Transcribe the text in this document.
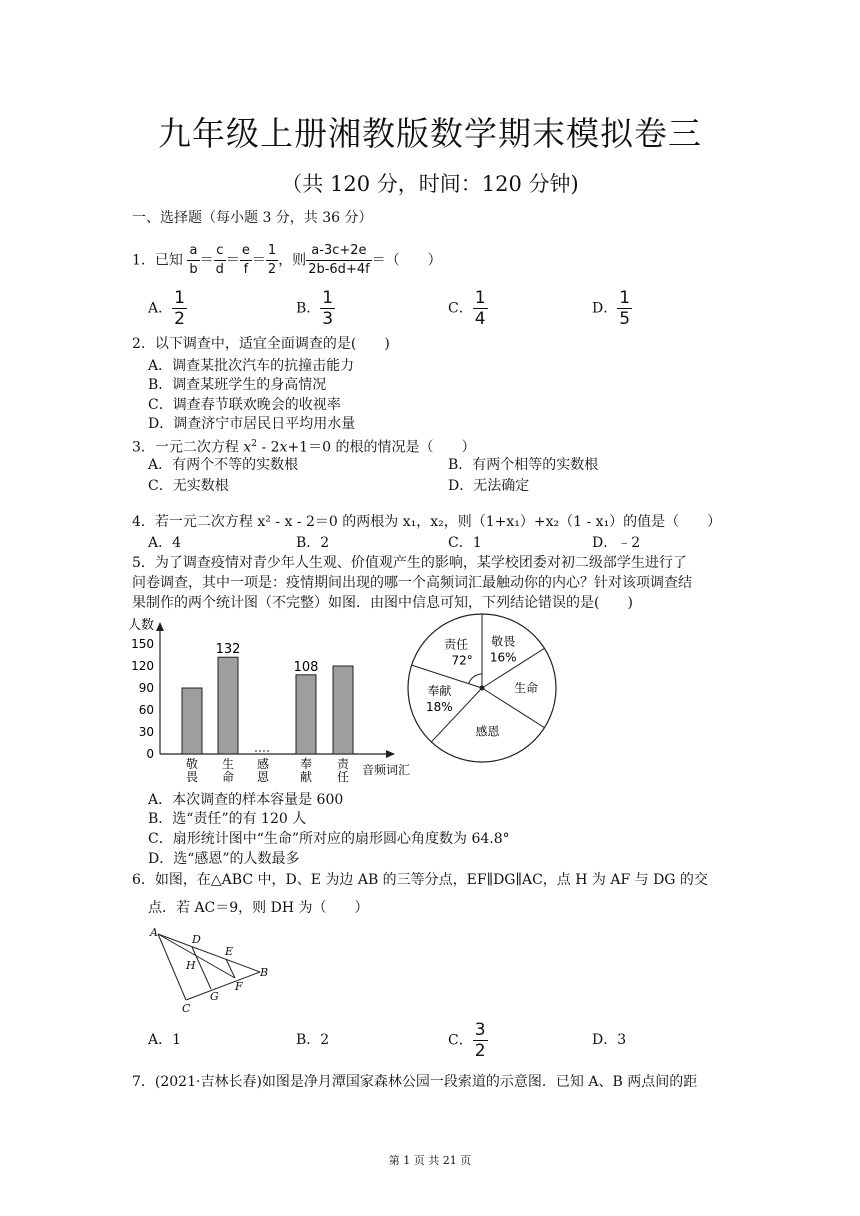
九年级上册湘教版数学期末模拟卷三
（共 120 分，时间：120 分钟)
一、选择题（每小题 3 分，共 36 分）
1．已知 $\frac{a}{b} = \frac{c}{d} = \frac{e}{f} = \frac{1}{2}$ ，则 $\frac{a-3c+2e}{2b-6d+4f}$ ＝（　　）
A． $\frac{1}{2}$	B． $\frac{1}{3}$	C． $\frac{1}{4}$	D． $\frac{1}{5}$
2．以下调查中，适宜全面调查的是(　　)
A．调查某批次汽车的抗撞击能力
B．调查某班学生的身高情况
C．调查春节联欢晚会的收视率
D．调查济宁市居民日平均用水量
3．一元二次方程 $x^2 - 2x+1=0$ 的根的情况是（　　）
A．有两个不等的实数根	B．有两个相等的实数根
C．无实数根	D．无法确定
4．若一元二次方程 x² - x - 2＝0 的两根为 x₁，x₂，则（1+x₁）+x₂（1 - x₁）的值是（　　）
A．4	B．2	C．1	D．﹣2
5．为了调查疫情对青少年人生观、价值观产生的影响，某学校团委对初二级部学生进行了
问卷调查，其中一项是：疫情期间出现的哪一个高频词汇最触动你的内心？针对该项调查结
果制作的两个统计图（不完整）如图．由图中信息可知，下列结论错误的是(　　)
人数
音频词汇
0
30
60
90
120
150
敬
畏
132
生
命
感
恩
108
奉
献
责
任
敬畏
16%
生命
感恩
奉献
18%
责任
72°
A．本次调查的样本容量是 600
B．选“责任”的有 120 人
C．扇形统计图中“生命”所对应的扇形圆心角度数为 64.8°
D．选“感恩”的人数最多
6．如图，在△ABC 中，D、E 为边 AB 的三等分点，EF∥DG∥AC，点 H 为 AF 与 DG 的交
点．若 AC＝9，则 DH 为（　　）
A
D
E
H
B
F
G
C
A．1	B．2	C． $\frac{3}{2}$	D．3
7．(2021·吉林长春)如图是净月潭国家森林公园一段索道的示意图．已知 A、B 两点间的距
第 1 页 共 21 页
